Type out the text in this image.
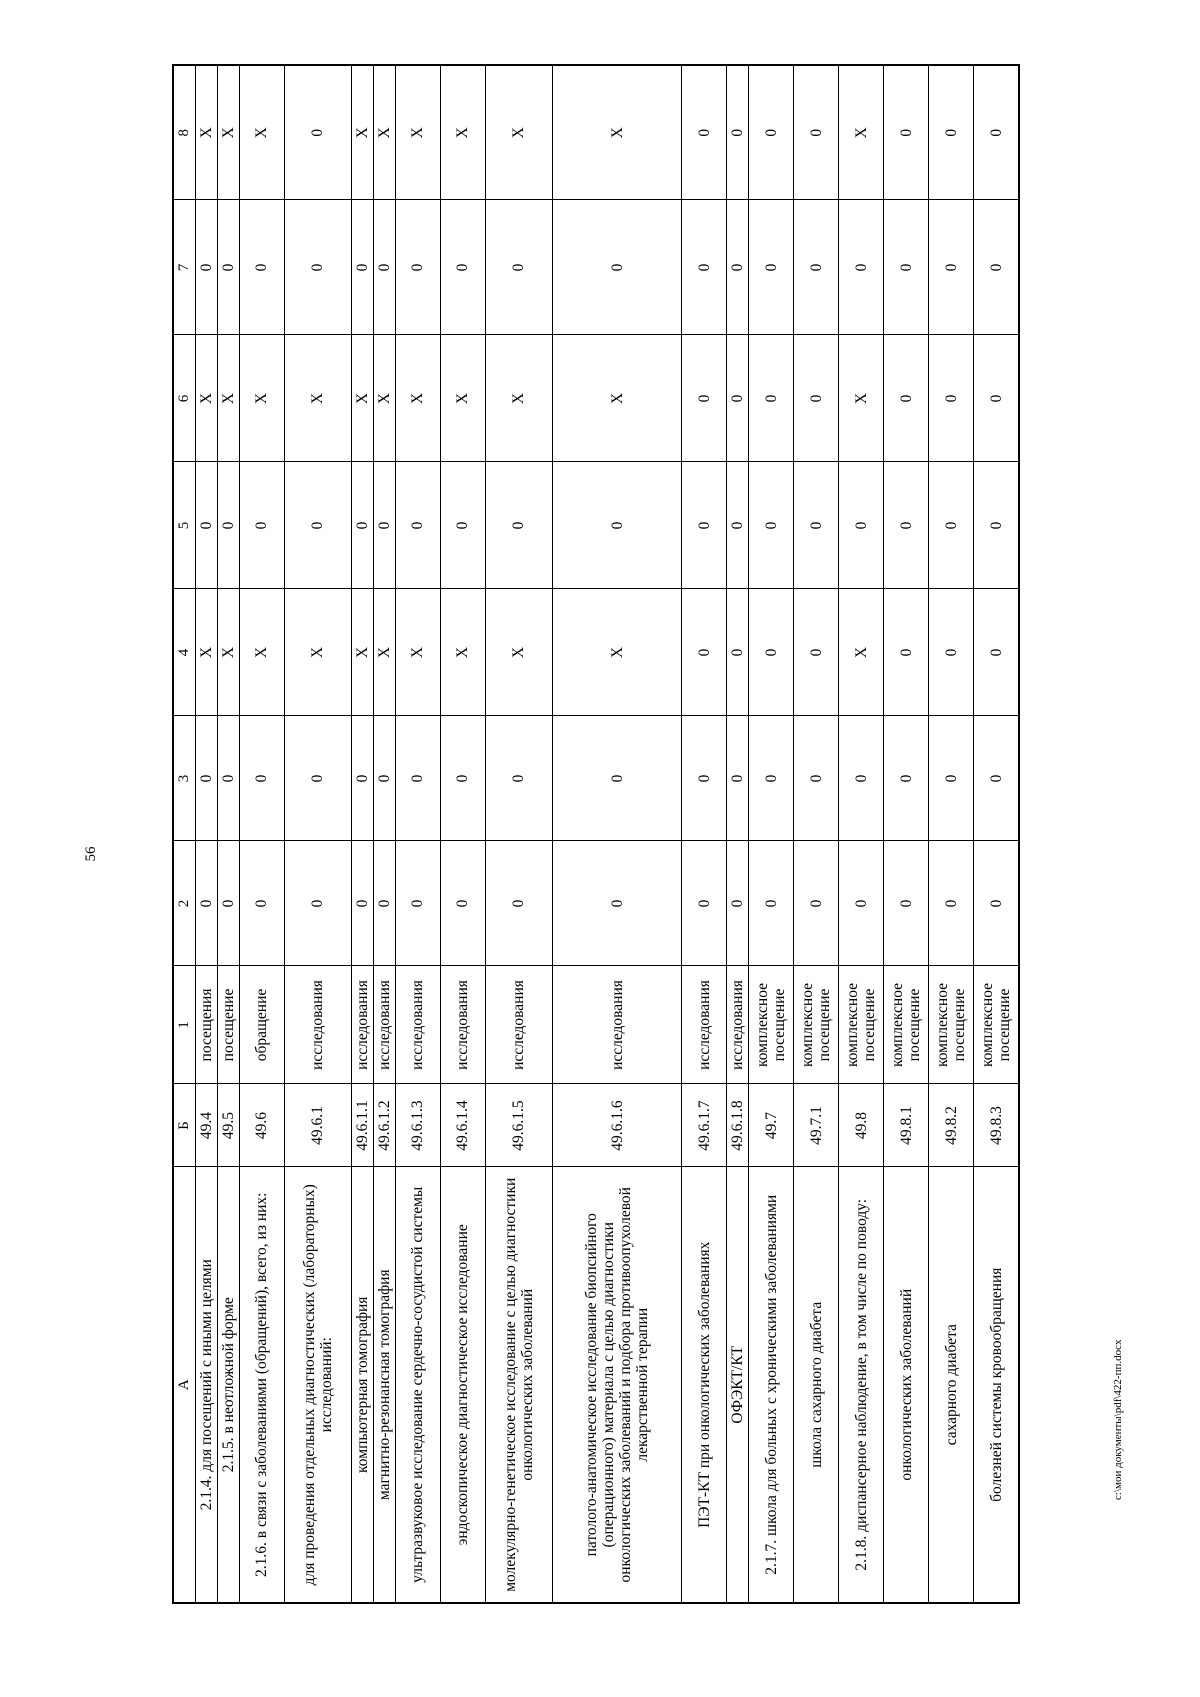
56
А	Б	1	2	3	4	5	6	7	8
2.1.4. для посещений с иными целями	49.4	посещения	0	0	X	0	X	0	X
2.1.5. в неотложной форме	49.5	посещение	0	0	X	0	X	0	X
2.1.6. в связи с заболеваниями (обращений), всего, из них:	49.6	обращение	0	0	X	0	X	0	X
для проведения отдельных диагностических (лабораторных) исследований:	49.6.1	исследования	0	0	X	0	X	0	0
компьютерная томография	49.6.1.1	исследования	0	0	X	0	X	0	X
магнитно-резонансная томография	49.6.1.2	исследования	0	0	X	0	X	0	X
ультразвуковое исследование сердечно-сосудистой системы	49.6.1.3	исследования	0	0	X	0	X	0	X
эндоскопическое диагностическое исследование	49.6.1.4	исследования	0	0	X	0	X	0	X
молекулярно-генетическое исследование с целью диагностики онкологических заболеваний	49.6.1.5	исследования	0	0	X	0	X	0	X
патолого-анатомическое исследование биопсийного (операционного) материала с целью диагностики онкологических заболеваний и подбора противоопухолевой лекарственной терапии	49.6.1.6	исследования	0	0	X	0	X	0	X
ПЭТ-КТ при онкологических заболеваниях	49.6.1.7	исследования	0	0	0	0	0	0	0
ОФЭКТ/КТ	49.6.1.8	исследования	0	0	0	0	0	0	0
2.1.7. школа для больных с хроническими заболеваниями	49.7	комплексное посещение	0	0	0	0	0	0	0
школа сахарного диабета	49.7.1	комплексное посещение	0	0	0	0	0	0	0
2.1.8. диспансерное наблюдение, в том числе по поводу:	49.8	комплексное посещение	0	0	X	0	X	0	X
онкологических заболеваний	49.8.1	комплексное посещение	0	0	0	0	0	0	0
сахарного диабета	49.8.2	комплексное посещение	0	0	0	0	0	0	0
болезней системы кровообращения	49.8.3	комплексное посещение	0	0	0	0	0	0	0
c:\мои документы\pdf\422-пп.docx
